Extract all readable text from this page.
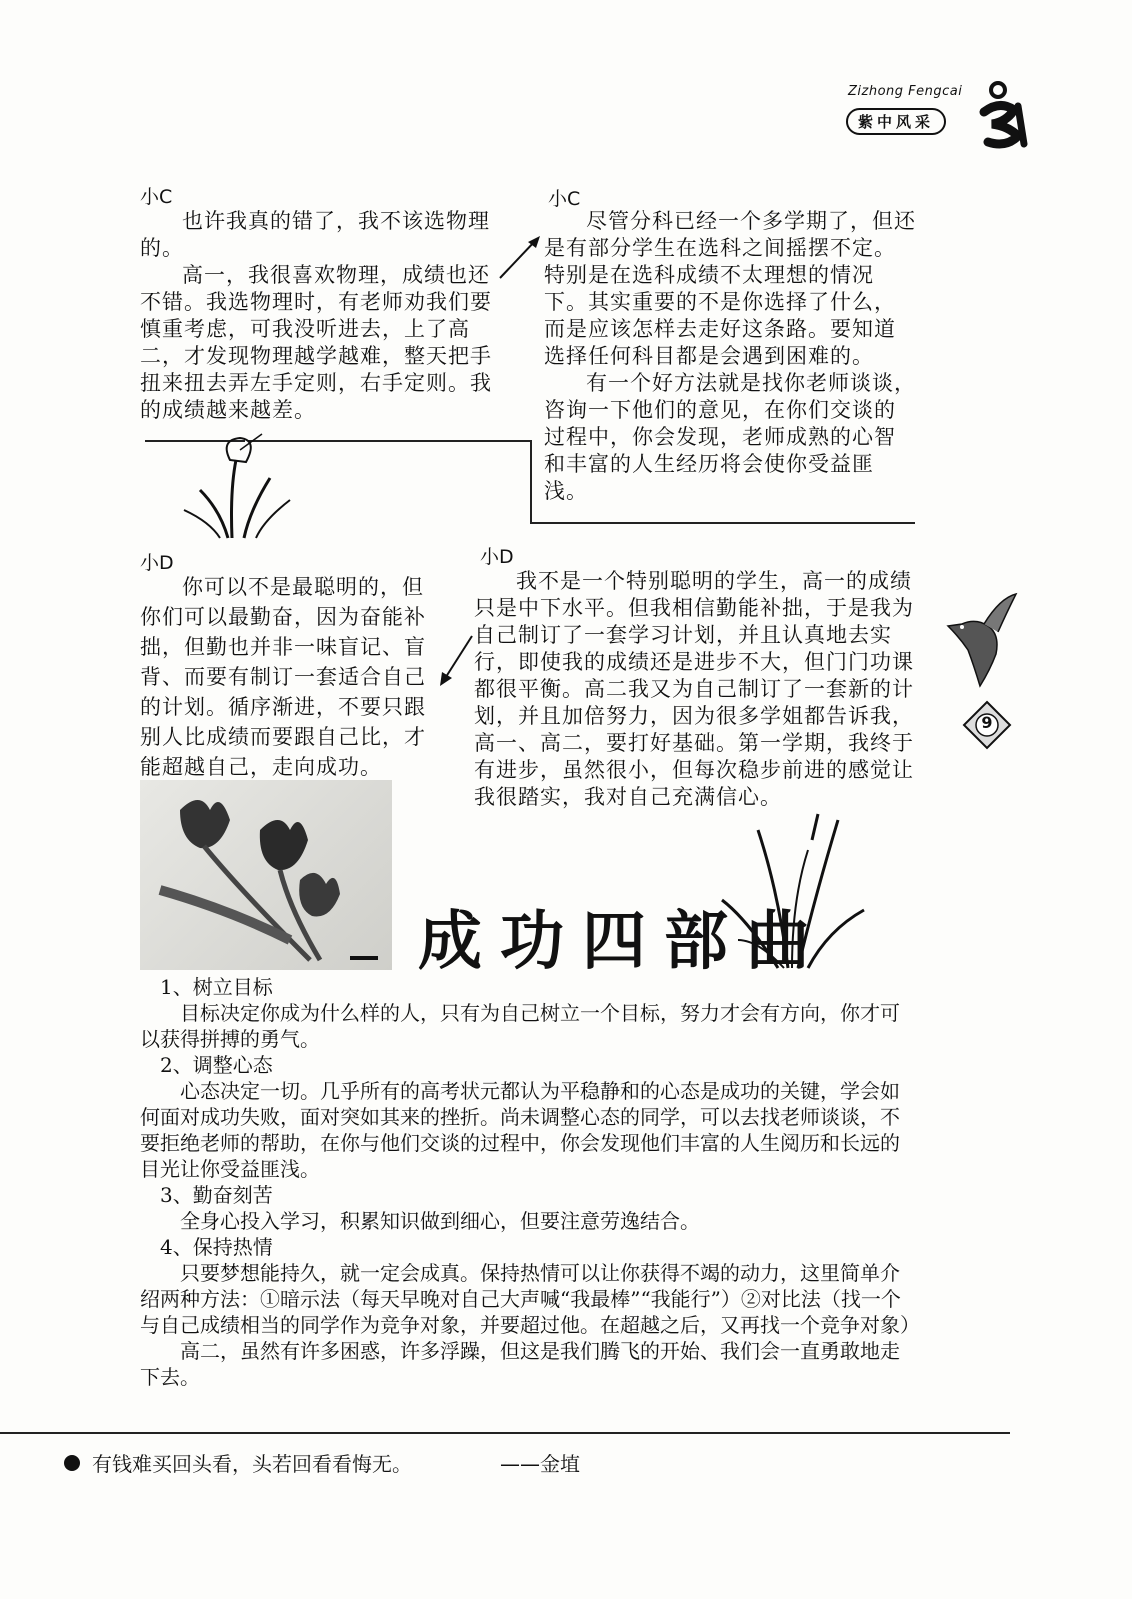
Zizhong Fengcai
紫中风采
小C

也许我真的错了，我不该选物理的。

高一，我很喜欢物理，成绩也还不错。我选物理时，有老师劝我们要慎重考虑，可我没听进去，上了高二，才发现物理越学越难，整天把手扭来扭去弄左手定则，右手定则。我的成绩越来越差。

小C

尽管分科已经一个多学期了，但还是有部分学生在选科之间摇摆不定。特别是在选科成绩不太理想的情况下。其实重要的不是你选择了什么，而是应该怎样去走好这条路。要知道选择任何科目都是会遇到困难的。

有一个好方法就是找你老师谈谈，咨询一下他们的意见，在你们交谈的过程中，你会发现，老师成熟的心智和丰富的人生经历将会使你受益匪浅。

小D

你可以不是最聪明的，但你们可以最勤奋，因为奋能补拙，但勤也并非一味盲记、盲背、而要有制订一套适合自己的计划。循序渐进，不要只跟别人比成绩而要跟自己比，才能超越自己，走向成功。

小D

我不是一个特别聪明的学生，高一的成绩只是中下水平。但我相信勤能补拙，于是我为自己制订了一套学习计划，并且认真地去实行，即使我的成绩还是进步不大，但门门功课都很平衡。高二我又为自己制订了一套新的计划，并且加倍努力，因为很多学姐都告诉我，高一、高二，要打好基础。第一学期，我终于有进步，虽然很小，但每次稳步前进的感觉让我很踏实，我对自己充满信心。

9
成功四部曲

1、树立目标

目标决定你成为什么样的人，只有为自己树立一个目标，努力才会有方向，你才可以获得拼搏的勇气。

2、调整心态

心态决定一切。几乎所有的高考状元都认为平稳静和的心态是成功的关键，学会如何面对成功失败，面对突如其来的挫折。尚未调整心态的同学，可以去找老师谈谈，不要拒绝老师的帮助，在你与他们交谈的过程中，你会发现他们丰富的人生阅历和长远的目光让你受益匪浅。

3、勤奋刻苦

全身心投入学习，积累知识做到细心，但要注意劳逸结合。

4、保持热情

只要梦想能持久，就一定会成真。保持热情可以让你获得不竭的动力，这里简单介绍两种方法：①暗示法（每天早晚对自己大声喊“我最棒”“我能行”）②对比法（找一个与自己成绩相当的同学作为竞争对象，并要超过他。在超越之后，又再找一个竞争对象）

高二，虽然有许多困惑，许多浮躁，但这是我们腾飞的开始、我们会一直勇敢地走下去。

有钱难买回头看，头若回看看悔无。	——金埴
